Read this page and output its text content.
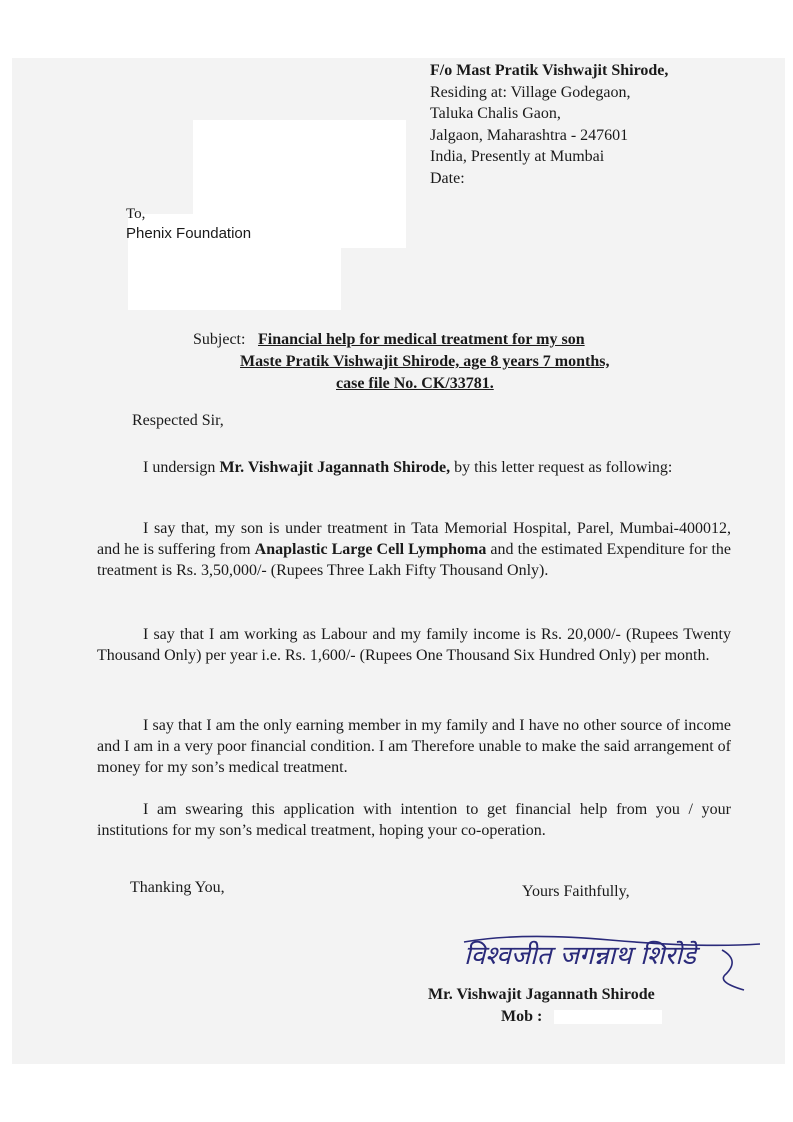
F/o Mast Pratik Vishwajit Shirode,
Residing at: Village Godegaon,
Taluka Chalis Gaon,
Jalgaon, Maharashtra - 247601
India, Presently at Mumbai
Date:
To,
Phenix Foundation
Subject: Financial help for medical treatment for my son
Maste Pratik Vishwajit Shirode, age 8 years 7 months,
case file No. CK/33781.
Respected Sir,
I undersign Mr. Vishwajit Jagannath Shirode, by this letter request as following:
I say that, my son is under treatment in Tata Memorial Hospital, Parel, Mumbai-400012, and he is suffering from Anaplastic Large Cell Lymphoma and the estimated Expenditure for the treatment is Rs. 3,50,000/- (Rupees Three Lakh Fifty Thousand Only).
I say that I am working as Labour and my family income is Rs. 20,000/- (Rupees Twenty Thousand Only) per year i.e. Rs. 1,600/- (Rupees One Thousand Six Hundred Only) per month.
I say that I am the only earning member in my family and I have no other source of income and I am in a very poor financial condition. I am Therefore unable to make the said arrangement of money for my son’s medical treatment.
I am swearing this application with intention to get financial help from you / your institutions for my son’s medical treatment, hoping your co-operation.
Thanking You,	Yours Faithfully,
विश्वजीत जगन्नाथ शिरोडे
Mr. Vishwajit Jagannath Shirode
Mob :
